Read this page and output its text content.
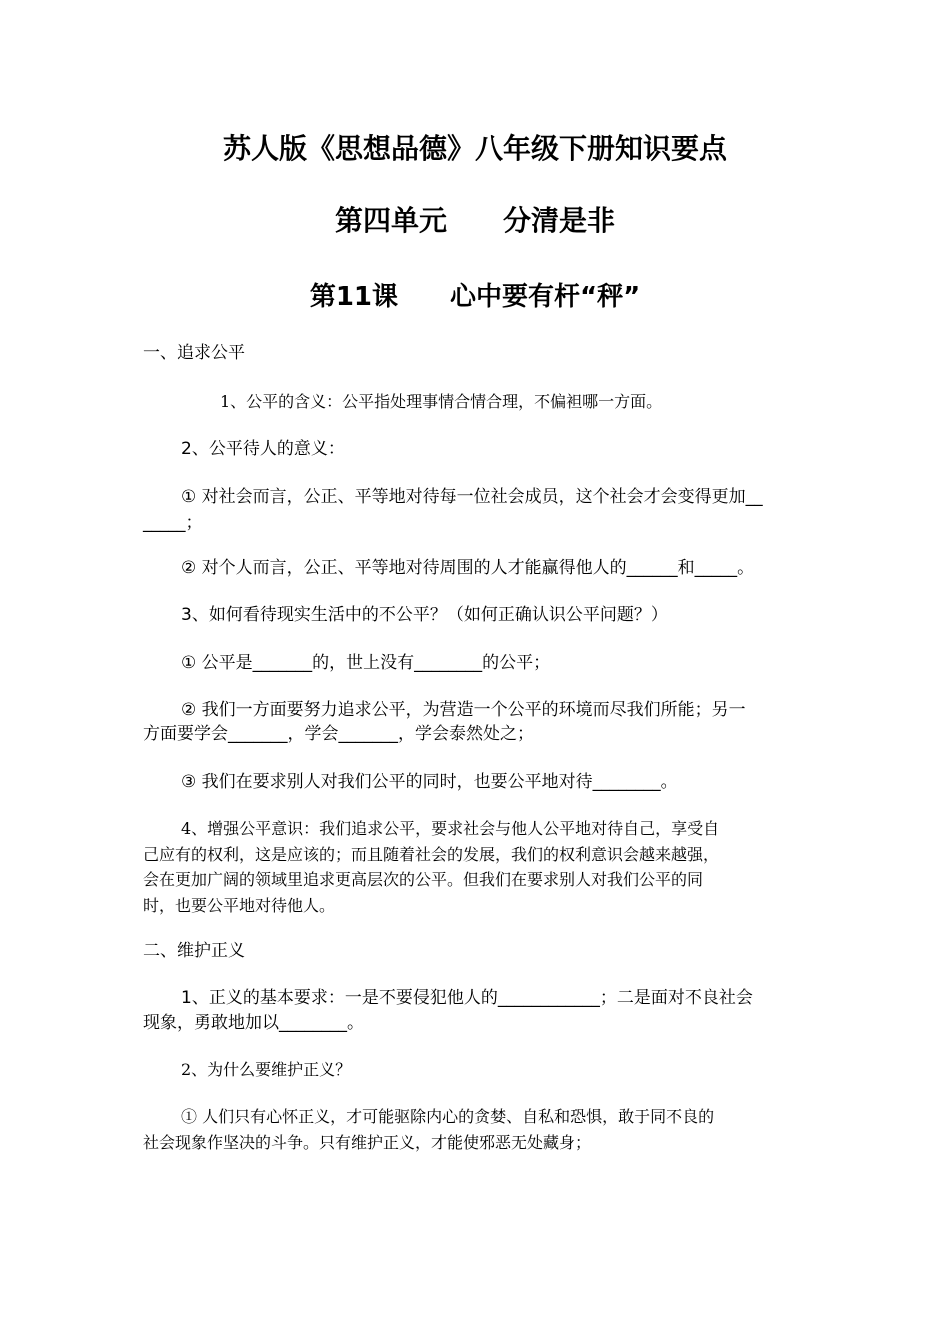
苏人版《思想品德》八年级下册知识要点
第四单元　　分清是非
第11课　　心中要有杆“秤”
一、追求公平
1、公平的含义：公平指处理事情合情合理，不偏袒哪一方面。
2、公平待人的意义：
① 对社会而言，公正、平等地对待每一位社会成员，这个社会才会变得更加__
_____；
② 对个人而言，公正、平等地对待周围的人才能赢得他人的______和_____。
3、如何看待现实生活中的不公平？（如何正确认识公平问题？）
① 公平是_______的，世上没有________的公平；
② 我们一方面要努力追求公平，为营造一个公平的环境而尽我们所能；另一
方面要学会_______，学会_______，学会泰然处之；
③ 我们在要求别人对我们公平的同时，也要公平地对待________。
4、增强公平意识：我们追求公平，要求社会与他人公平地对待自己，享受自
己应有的权利，这是应该的；而且随着社会的发展，我们的权利意识会越来越强，
会在更加广阔的领域里追求更高层次的公平。但我们在要求别人对我们公平的同
时，也要公平地对待他人。
二、维护正义
1、正义的基本要求：一是不要侵犯他人的____________；二是面对不良社会
现象，勇敢地加以________。
2、为什么要维护正义？
① 人们只有心怀正义，才可能驱除内心的贪婪、自私和恐惧，敢于同不良的
社会现象作坚决的斗争。只有维护正义，才能使邪恶无处藏身；
